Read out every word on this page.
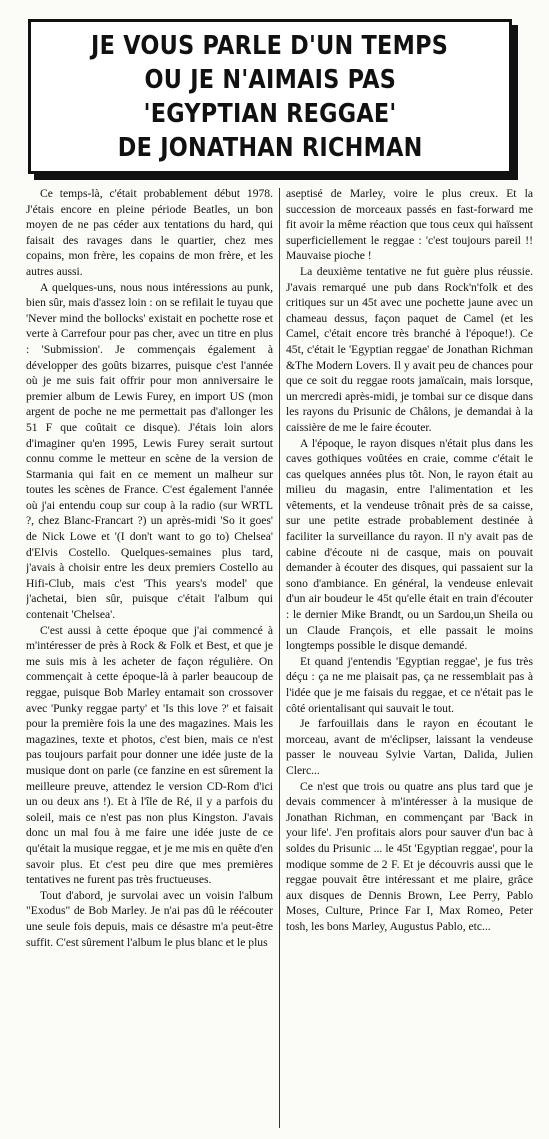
JE VOUS PARLE D'UN TEMPS
OU JE N'AIMAIS PAS
'EGYPTIAN REGGAE'
DE JONATHAN RICHMAN

Ce temps-là, c'était probablement début 1978. J'étais encore en pleine période Beatles, un bon moyen de ne pas céder aux tentations du hard, qui faisait des ravages dans le quartier, chez mes copains, mon frère, les copains de mon frère, et les autres aussi.

A quelques-uns, nous nous intéressions au punk, bien sûr, mais d'assez loin : on se refilait le tuyau que 'Never mind the bollocks' existait en pochette rose et verte à Carrefour pour pas cher, avec un titre en plus : 'Submission'. Je commençais également à développer des goûts bizarres, puisque c'est l'année où je me suis fait offrir pour mon anniversaire le premier album de Lewis Furey, en import US (mon argent de poche ne me permettait pas d'allonger les 51 F que coûtait ce disque). J'étais loin alors d'imaginer qu'en 1995, Lewis Furey serait surtout connu comme le metteur en scène de la version de Starmania qui fait en ce mement un malheur sur toutes les scènes de France. C'est également l'année où j'ai entendu coup sur coup à la radio (sur WRTL ?, chez Blanc-Francart ?) un après-midi 'So it goes' de Nick Lowe et '(I don't want to go to) Chelsea' d'Elvis Costello. Quelques-semaines plus tard, j'avais à choisir entre les deux premiers Costello au Hifi-Club, mais c'est 'This years's model' que j'achetai, bien sûr, puisque c'était l'album qui contenait 'Chelsea'.

C'est aussi à cette époque que j'ai commencé à m'intéresser de près à Rock & Folk et Best, et que je me suis mis à les acheter de façon régulière. On commençait à cette époque-là à parler beaucoup de reggae, puisque Bob Marley entamait son crossover avec 'Punky reggae party' et 'Is this love ?' et faisait pour la première fois la une des magazines. Mais les magazines, texte et photos, c'est bien, mais ce n'est pas toujours parfait pour donner une idée juste de la musique dont on parle (ce fanzine en est sûrement la meilleure preuve, attendez le version CD-Rom d'ici un ou deux ans !). Et à l'île de Ré, il y a parfois du soleil, mais ce n'est pas non plus Kingston. J'avais donc un mal fou à me faire une idée juste de ce qu'était la musique reggae, et je me mis en quête d'en savoir plus. Et c'est peu dire que mes premières tentatives ne furent pas très fructueuses.

Tout d'abord, je survolai avec un voisin l'album "Exodus" de Bob Marley. Je n'ai pas dû le réécouter une seule fois depuis, mais ce désastre m'a peut-être suffit. C'est sûrement l'album le plus blanc et le plus

aseptisé de Marley, voire le plus creux. Et la succession de morceaux passés en fast-forward me fit avoir la même réaction que tous ceux qui haïssent superficiellement le reggae : 'c'est toujours pareil !! Mauvaise pioche !

La deuxième tentative ne fut guère plus réussie. J'avais remarqué une pub dans Rock'n'folk et des critiques sur un 45t avec une pochette jaune avec un chameau dessus, façon paquet de Camel (et les Camel, c'était encore très branché à l'époque!). Ce 45t, c'était le 'Egyptian reggae' de Jonathan Richman &The Modern Lovers. Il y avait peu de chances pour que ce soit du reggae roots jamaïcain, mais lorsque, un mercredi après-midi, je tombai sur ce disque dans les rayons du Prisunic de Châlons, je demandai à la caissière de me le faire écouter.

A l'époque, le rayon disques n'était plus dans les caves gothiques voûtées en craie, comme c'était le cas quelques années plus tôt. Non, le rayon était au milieu du magasin, entre l'alimentation et les vêtements, et la vendeuse trônait près de sa caisse, sur une petite estrade probablement destinée à faciliter la surveillance du rayon. Il n'y avait pas de cabine d'écoute ni de casque, mais on pouvait demander à écouter des disques, qui passaient sur la sono d'ambiance. En général, la vendeuse enlevait d'un air boudeur le 45t qu'elle était en train d'écouter : le dernier Mike Brandt, ou un Sardou,un Sheila ou un Claude François, et elle passait le moins longtemps possible le disque demandé.

Et quand j'entendis 'Egyptian reggae', je fus très déçu : ça ne me plaisait pas, ça ne ressemblait pas à l'idée que je me faisais du reggae, et ce n'était pas le côté orientalisant qui sauvait le tout.

Je farfouillais dans le rayon en écoutant le morceau, avant de m'éclipser, laissant la vendeuse passer le nouveau Sylvie Vartan, Dalida, Julien Clerc...

Ce n'est que trois ou quatre ans plus tard que je devais commencer à m'intéresser à la musique de Jonathan Richman, en commençant par 'Back in your life'. J'en profitais alors pour sauver d'un bac à soldes du Prisunic ... le 45t 'Egyptian reggae', pour la modique somme de 2 F. Et je découvris aussi que le reggae pouvait être intéressant et me plaire, grâce aux disques de Dennis Brown, Lee Perry, Pablo Moses, Culture, Prince Far I, Max Romeo, Peter tosh, les bons Marley, Augustus Pablo, etc...
